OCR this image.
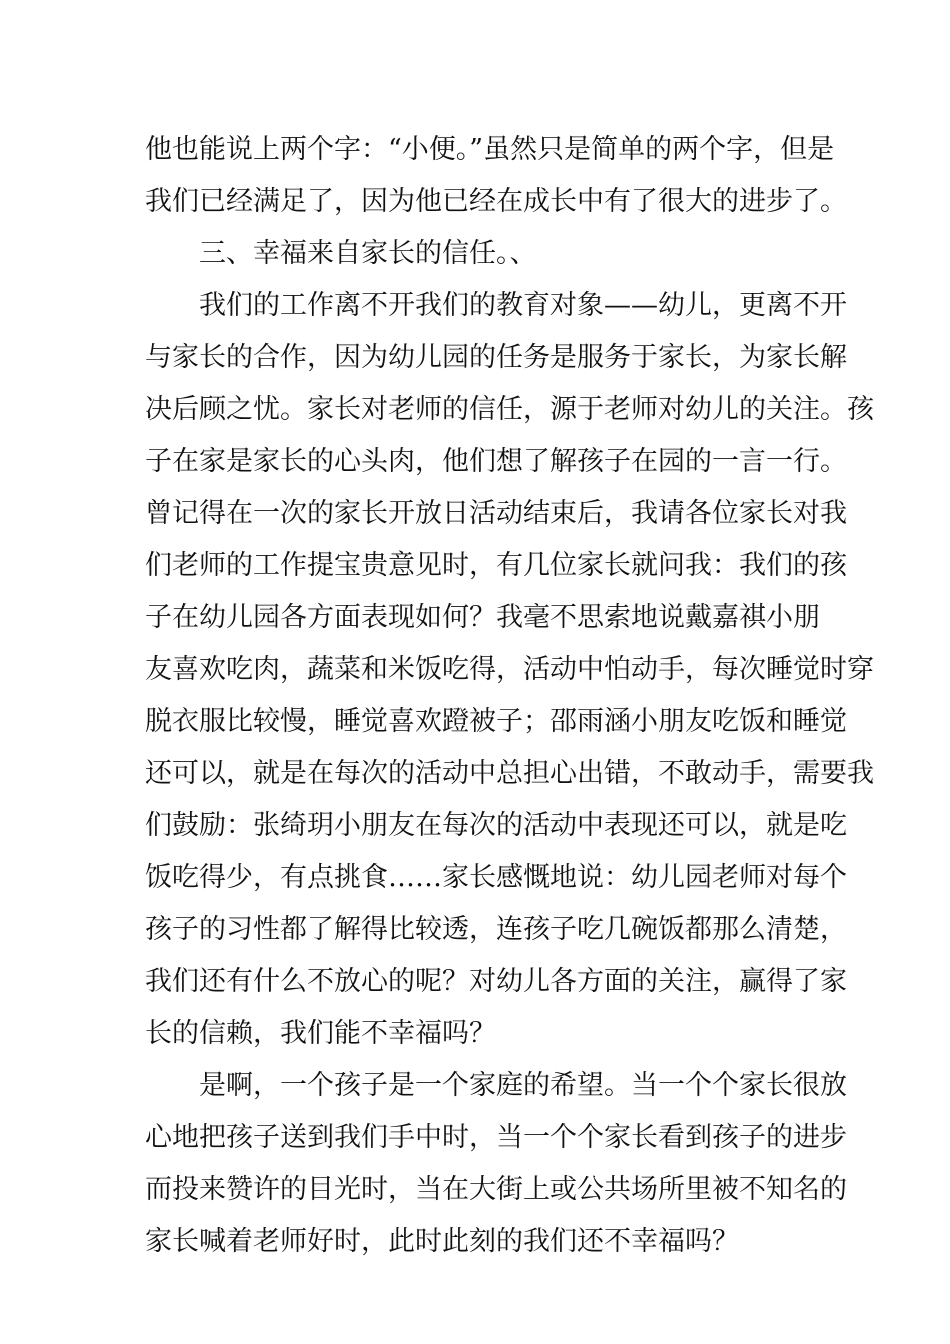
他也能说上两个字：“小便。”虽然只是简单的两个字，但是
我们已经满足了，因为他已经在成长中有了很大的进步了。
三、幸福来自家长的信任。、
我们的工作离不开我们的教育对象——幼儿，更离不开
与家长的合作，因为幼儿园的任务是服务于家长，为家长解
决后顾之忧。家长对老师的信任，源于老师对幼儿的关注。孩
子在家是家长的心头肉，他们想了解孩子在园的一言一行。
曾记得在一次的家长开放日活动结束后，我请各位家长对我
们老师的工作提宝贵意见时，有几位家长就问我：我们的孩
子在幼儿园各方面表现如何？我毫不思索地说戴嘉祺小朋
友喜欢吃肉，蔬菜和米饭吃得，活动中怕动手，每次睡觉时穿
脱衣服比较慢，睡觉喜欢蹬被子；邵雨涵小朋友吃饭和睡觉
还可以，就是在每次的活动中总担心出错，不敢动手，需要我
们鼓励：张绮玥小朋友在每次的活动中表现还可以，就是吃
饭吃得少，有点挑食……家长感慨地说：幼儿园老师对每个
孩子的习性都了解得比较透，连孩子吃几碗饭都那么清楚，
我们还有什么不放心的呢？对幼儿各方面的关注，赢得了家
长的信赖，我们能不幸福吗？
是啊，一个孩子是一个家庭的希望。当一个个家长很放
心地把孩子送到我们手中时，当一个个家长看到孩子的进步
而投来赞许的目光时，当在大街上或公共场所里被不知名的
家长喊着老师好时，此时此刻的我们还不幸福吗？
